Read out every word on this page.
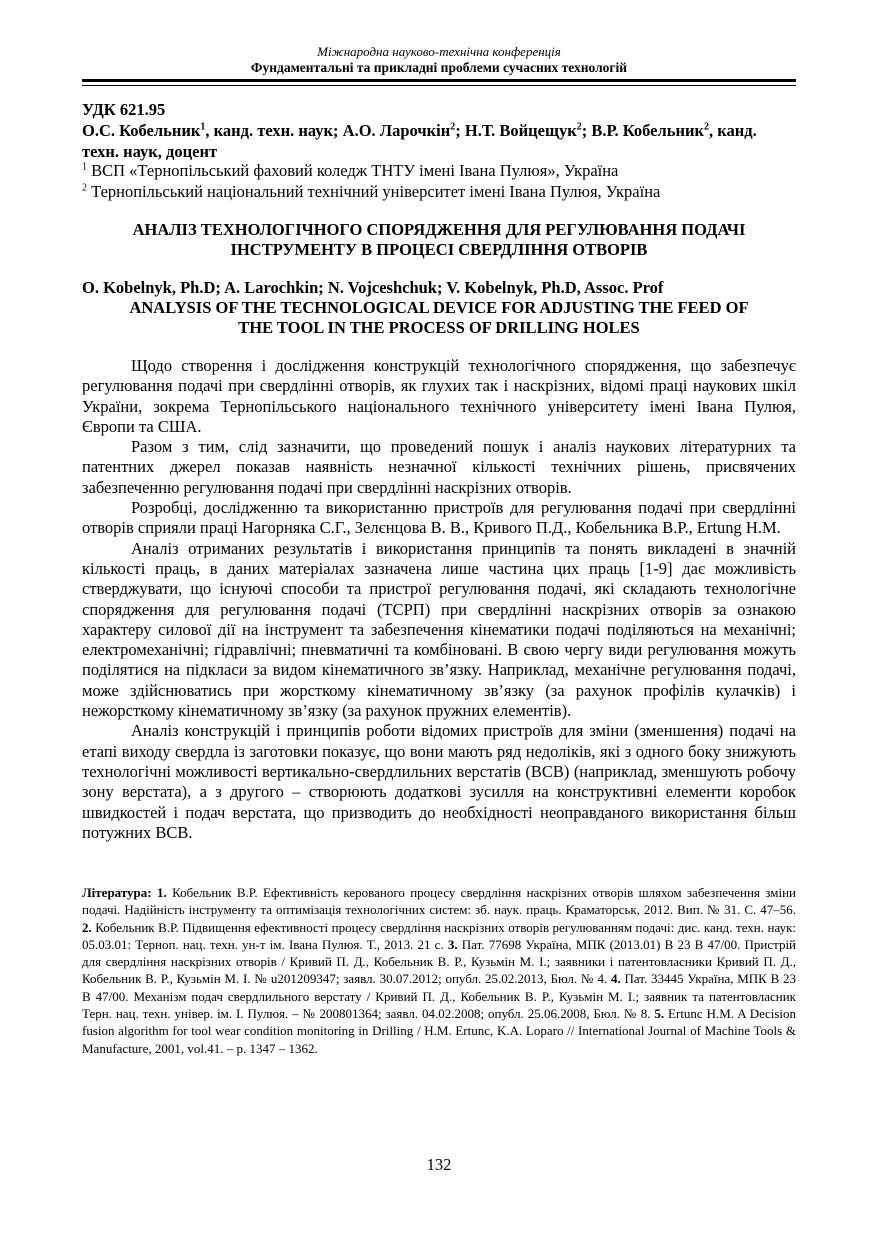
Міжнародна науково-технічна конференція
Фундаментальні та прикладні проблеми сучасних технологій
УДК 621.95
О.С. Кобельник$^1$, канд. техн. наук; А.О. Ларочкін$^2$; Н.Т. Войцещук$^2$; В.Р. Кобельник$^2$, канд. техн. наук, доцент
$^1$ ВСП «Тернопільський фаховий коледж ТНТУ імені Івана Пулюя», Україна
$^2$ Тернопільський національний технічний університет імені Івана Пулюя, Україна
АНАЛІЗ ТЕХНОЛОГІЧНОГО СПОРЯДЖЕННЯ ДЛЯ РЕГУЛЮВАННЯ ПОДАЧІ
ІНСТРУМЕНТУ В ПРОЦЕСІ СВЕРДЛІННЯ ОТВОРІВ
O. Kobelnyk, Ph.D; A. Larochkin; N. Vojceshchuk; V. Kobelnyk, Ph.D, Assoc. Prof
ANALYSIS OF THE TECHNOLOGICAL DEVICE FOR ADJUSTING THE FEED OF
THE TOOL IN THE PROCESS OF DRILLING HOLES

Щодо створення і дослідження конструкцій технологічного спорядження, що забезпечує регулювання подачі при свердлінні отворів, як глухих так і наскрізних, відомі праці наукових шкіл України, зокрема Тернопільського національного технічного університету імені Івана Пулюя, Європи та США.

Разом з тим, слід зазначити, що проведений пошук і аналіз наукових літературних та патентних джерел показав наявність незначної кількості технічних рішень, присвячених забезпеченню регулювання подачі при свердлінні наскрізних отворів.

Розробці, дослідженню та використанню пристроїв для регулювання подачі при свердлінні отворів сприяли праці Нагорняка С.Г., Зелєнцова В. В., Кривого П.Д., Кобельника В.Р., Ertung H.M.

Аналіз отриманих результатів і використання принципів та понять викладені в значній кількості праць, в даних матеріалах зазначена лише частина цих праць [1-9] дає можливість стверджувати, що існуючі способи та пристрої регулювання подачі, які складають технологічне спорядження для регулювання подачі (ТСРП) при свердлінні наскрізних отворів за ознакою характеру силової дії на інструмент та забезпечення кінематики подачі поділяються на механічні; електромеханічні; гідравлічні; пневматичні та комбіновані. В свою чергу види регулювання можуть поділятися на підкласи за видом кінематичного зв’язку. Наприклад, механічне регулювання подачі, може здійснюватись при жорсткому кінематичному зв’язку (за рахунок профілів кулачків) і нежорсткому кінематичному зв’язку (за рахунок пружних елементів).

Аналіз конструкцій і принципів роботи відомих пристроїв для зміни (зменшення) подачі на етапі виходу свердла із заготовки показує, що вони мають ряд недоліків, які з одного боку знижують технологічні можливості вертикально-свердлильних верстатів (ВСВ) (наприклад, зменшують робочу зону верстата), а з другого – створюють додаткові зусилля на конструктивні елементи коробок швидкостей і подач верстата, що призводить до необхідності неоправданого використання більш потужних ВСВ.

Література: 1. Кобельник В.Р. Ефективність керованого процесу свердління наскрізних отворів шляхом забезпечення зміни подачі. Надійність інструменту та оптимізація технологічних систем: зб. наук. праць. Краматорськ, 2012. Вип. № 31. С. 47–56. 2. Кобельник В.Р. Підвищення ефективності процесу свердління наскрізних отворів регулюванням подачі: дис. канд. техн. наук: 05.03.01: Терноп. нац. техн. ун-т ім. Івана Пулюя. Т., 2013. 21 с. 3. Пат. 77698 Україна, МПК (2013.01) В 23 В 47/00. Пристрій для свердління наскрізних отворів / Кривий П. Д., Кобельник В. Р., Кузьмін М. І.; заявники і патентовласники Кривий П. Д., Кобельник В. Р., Кузьмін М. І. № u201209347; заявл. 30.07.2012; опубл. 25.02.2013, Бюл. № 4. 4. Пат. 33445 Україна, МПК В 23 В 47/00. Механізм подач свердлильного верстату / Кривий П. Д., Кобельник В. Р., Кузьмін М. І.; заявник та патентовласник Терн. нац. техн. універ. ім. І. Пулюя. – № 200801364; заявл. 04.02.2008; опубл. 25.06.2008, Бюл. № 8. 5. Ertunc H.M. A Decision fusion algorithm for tool wear condition monitoring in Drilling / H.M. Ertunc, K.A. Loparo // International Journal of Machine Tools & Manufacture, 2001, vol.41. – p. 1347 – 1362.
132
